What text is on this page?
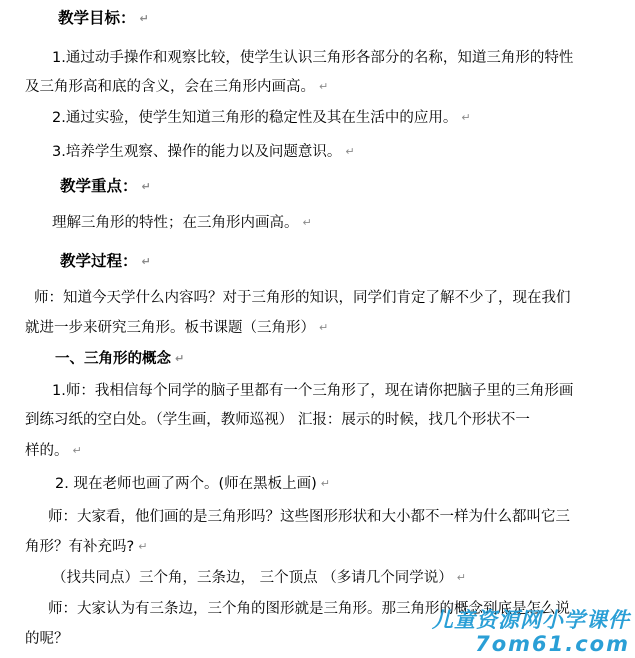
教学目标： ↵
1.通过动手操作和观察比较，使学生认识三角形各部分的名称，知道三角形的特性
及三角形高和底的含义，会在三角形内画高。 ↵
2.通过实验，使学生知道三角形的稳定性及其在生活中的应用。 ↵
3.培养学生观察、操作的能力以及问题意识。 ↵
教学重点： ↵
理解三角形的特性；在三角形内画高。 ↵
教学过程： ↵
师：知道今天学什么内容吗？对于三角形的知识，同学们肯定了解不少了，现在我们
就进一步来研究三角形。板书课题（三角形） ↵
一、三角形的概念 ↵
1.师：我相信每个同学的脑子里都有一个三角形了，现在请你把脑子里的三角形画
到练习纸的空白处。（学生画，教师巡视） 汇报：展示的时候，找几个形状不一
样的。 ↵
2. 现在老师也画了两个。(师在黑板上画) ↵
师：大家看，他们画的是三角形吗？这些图形形状和大小都不一样为什么都叫它三
角形？有补充吗? ↵
（找共同点）三个角，三条边， 三个顶点 （多请几个同学说） ↵
师：大家认为有三条边，三个角的图形就是三角形。那三角形的概念到底是怎么说
的呢？
儿童资源网小学课件
7om61.com
